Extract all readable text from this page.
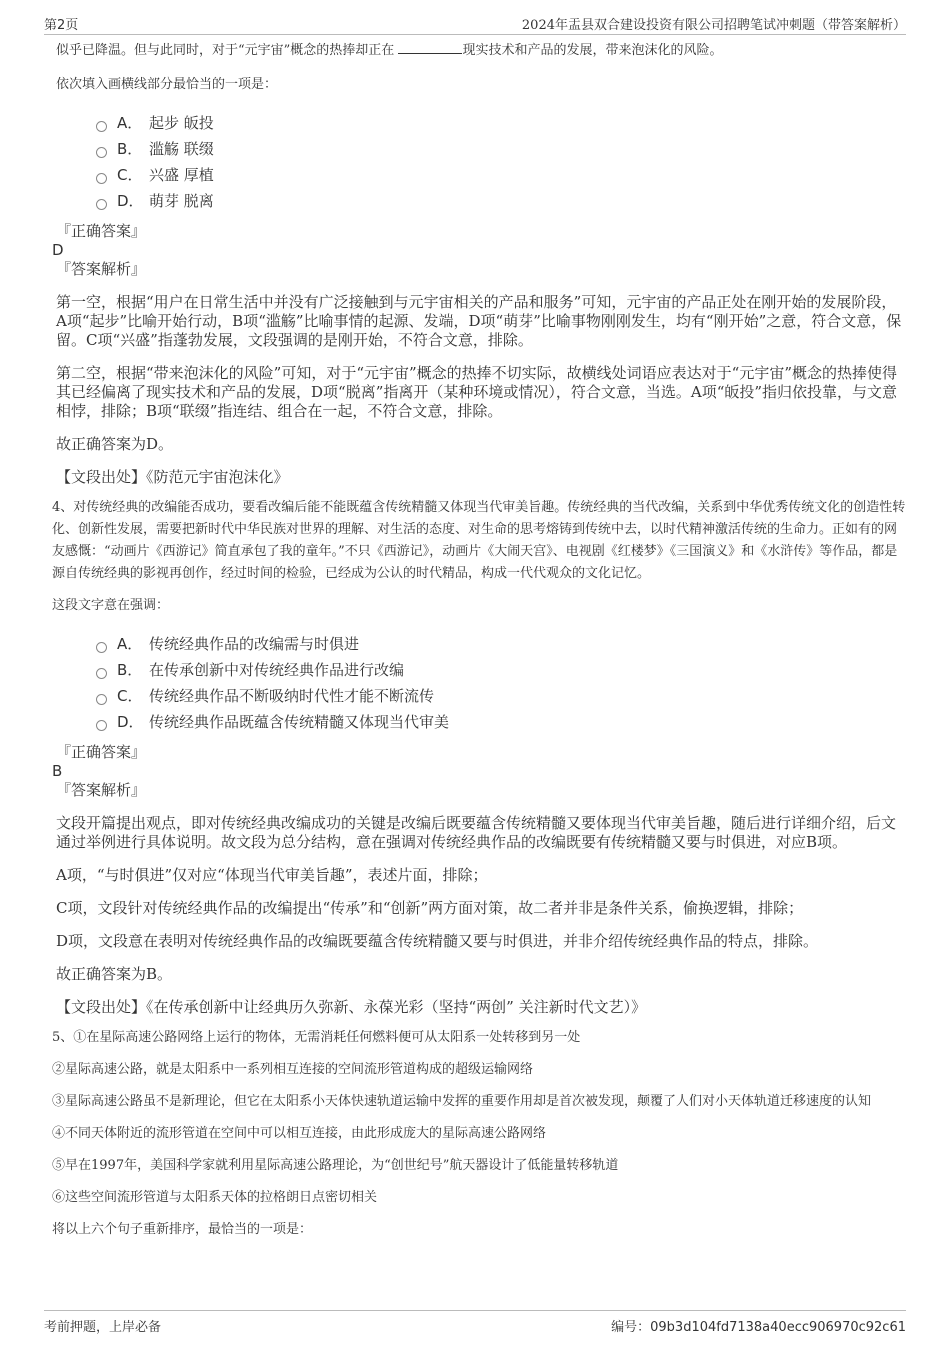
第2页	2024年盂县双合建设投资有限公司招聘笔试冲刺题（带答案解析）

似乎已降温。但与此同时，对于“元宇宙”概念的热捧却正在	现实技术和产品的发展，带来泡沫化的风险。

依次填入画横线部分最恰当的一项是：

A． 起步 皈投
B． 滥觞 联缀
C． 兴盛 厚植
D． 萌芽 脱离

『正确答案』

D

『答案解析』

第一空，根据“用户在日常生活中并没有广泛接触到与元宇宙相关的产品和服务”可知，元宇宙的产品正处在刚开始的发展阶段，A项“起步”比喻开始行动，B项“滥觞”比喻事情的起源、发端，D项“萌芽”比喻事物刚刚发生，均有“刚开始”之意，符合文意，保留。C项“兴盛”指蓬勃发展，文段强调的是刚开始，不符合文意，排除。

第二空，根据“带来泡沫化的风险”可知，对于“元宇宙”概念的热捧不切实际，故横线处词语应表达对于“元宇宙”概念的热捧使得其已经偏离了现实技术和产品的发展，D项“脱离”指离开（某种环境或情况），符合文意，当选。A项“皈投”指归依投靠，与文意相悖，排除；B项“联缀”指连结、组合在一起，不符合文意，排除。

故正确答案为D。

【文段出处】《防范元宇宙泡沫化》

4、对传统经典的改编能否成功，要看改编后能不能既蕴含传统精髓又体现当代审美旨趣。传统经典的当代改编，关系到中华优秀传统文化的创造性转化、创新性发展，需要把新时代中华民族对世界的理解、对生活的态度、对生命的思考熔铸到传统中去，以时代精神激活传统的生命力。正如有的网友感慨：“动画片《西游记》简直承包了我的童年。”不只《西游记》，动画片《大闹天宫》、电视剧《红楼梦》《三国演义》和《水浒传》等作品，都是源自传统经典的影视再创作，经过时间的检验，已经成为公认的时代精品，构成一代代观众的文化记忆。

这段文字意在强调：

A． 传统经典作品的改编需与时俱进
B． 在传承创新中对传统经典作品进行改编
C． 传统经典作品不断吸纳时代性才能不断流传
D． 传统经典作品既蕴含传统精髓又体现当代审美

『正确答案』

B

『答案解析』

文段开篇提出观点，即对传统经典改编成功的关键是改编后既要蕴含传统精髓又要体现当代审美旨趣，随后进行详细介绍，后文通过举例进行具体说明。故文段为总分结构，意在强调对传统经典作品的改编既要有传统精髓又要与时俱进，对应B项。

A项，“与时俱进”仅对应“体现当代审美旨趣”，表述片面，排除；

C项，文段针对传统经典作品的改编提出“传承”和“创新”两方面对策，故二者并非是条件关系，偷换逻辑，排除；

D项，文段意在表明对传统经典作品的改编既要蕴含传统精髓又要与时俱进，并非介绍传统经典作品的特点，排除。

故正确答案为B。

【文段出处】《在传承创新中让经典历久弥新、永葆光彩（坚持“两创” 关注新时代文艺）》

5、①在星际高速公路网络上运行的物体，无需消耗任何燃料便可从太阳系一处转移到另一处

②星际高速公路，就是太阳系中一系列相互连接的空间流形管道构成的超级运输网络

③星际高速公路虽不是新理论，但它在太阳系小天体快速轨道运输中发挥的重要作用却是首次被发现，颠覆了人们对小天体轨道迁移速度的认知

④不同天体附近的流形管道在空间中可以相互连接，由此形成庞大的星际高速公路网络

⑤早在1997年，美国科学家就利用星际高速公路理论，为“创世纪号”航天器设计了低能量转移轨道

⑥这些空间流形管道与太阳系天体的拉格朗日点密切相关

将以上六个句子重新排序，最恰当的一项是：

考前押题，上岸必备	编号：09b3d104fd7138a40ecc906970c92c61
